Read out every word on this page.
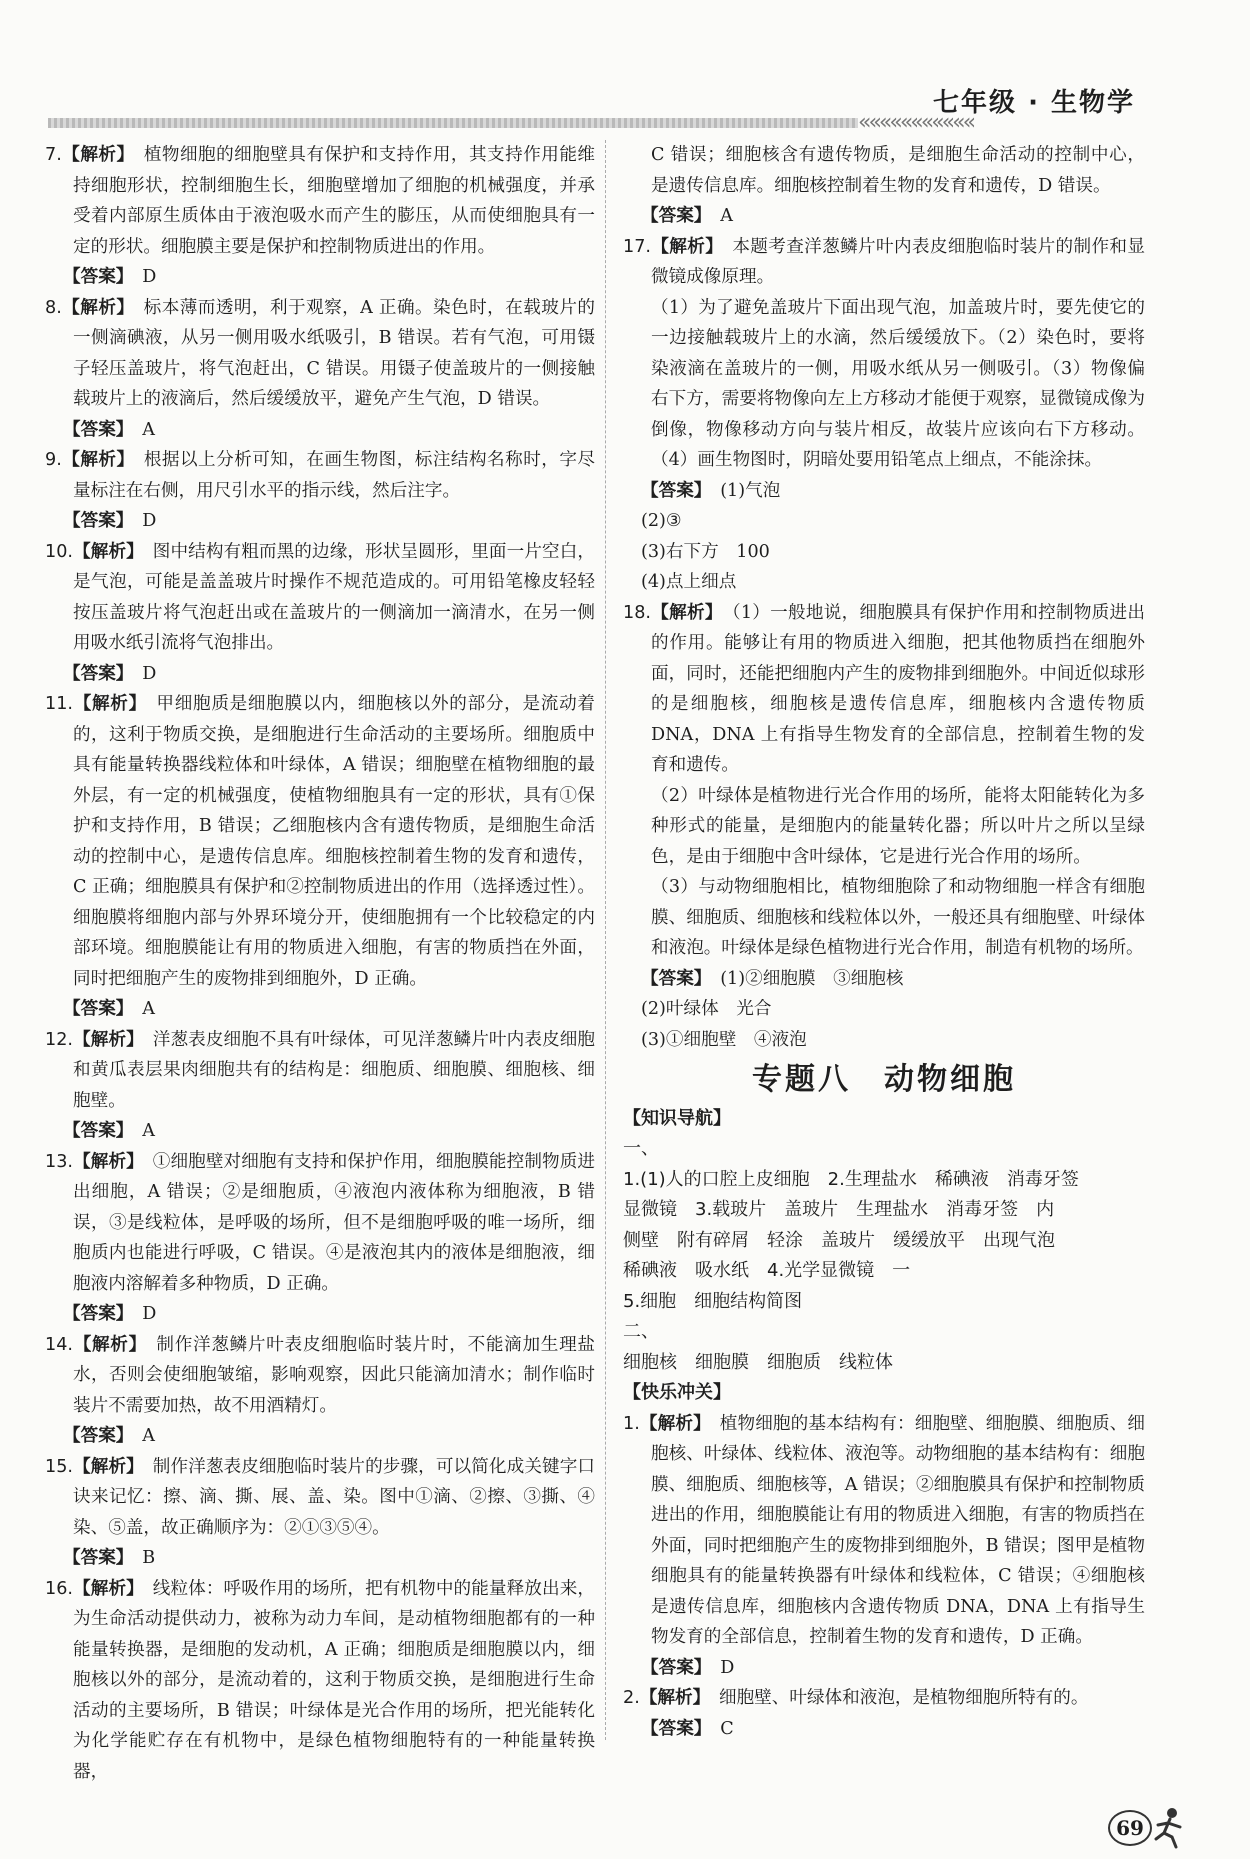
«««««««««««
七年级 · 生物学

7.【解析】　 植物细胞的细胞壁具有保护和支持作用，其支持作用能维持细胞形状，控制细胞生长，细胞壁增加了细胞的机械强度，并承受着内部原生质体由于液泡吸水而产生的膨压，从而使细胞具有一定的形状。细胞膜主要是保护和控制物质进出的作用。

【答案】　 D

8.【解析】　 标本薄而透明，利于观察，A 正确。染色时，在载玻片的一侧滴碘液，从另一侧用吸水纸吸引，B 错误。若有气泡，可用镊子轻压盖玻片，将气泡赶出，C 错误。用镊子使盖玻片的一侧接触载玻片上的液滴后，然后缓缓放平，避免产生气泡，D 错误。

【答案】　 A

9.【解析】　 根据以上分析可知，在画生物图，标注结构名称时，字尽量标注在右侧，用尺引水平的指示线，然后注字。

【答案】　 D

10.【解析】　 图中结构有粗而黑的边缘，形状呈圆形，里面一片空白，是气泡，可能是盖盖玻片时操作不规范造成的。可用铅笔橡皮轻轻按压盖玻片将气泡赶出或在盖玻片的一侧滴加一滴清水，在另一侧用吸水纸引流将气泡排出。

【答案】　 D

11.【解析】　 甲细胞质是细胞膜以内，细胞核以外的部分，是流动着的，这利于物质交换，是细胞进行生命活动的主要场所。细胞质中具有能量转换器线粒体和叶绿体，A 错误；细胞壁在植物细胞的最外层，有一定的机械强度，使植物细胞具有一定的形状，具有①保护和支持作用，B 错误；乙细胞核内含有遗传物质，是细胞生命活动的控制中心，是遗传信息库。细胞核控制着生物的发育和遗传，C 正确；细胞膜具有保护和②控制物质进出的作用（选择透过性）。细胞膜将细胞内部与外界环境分开，使细胞拥有一个比较稳定的内部环境。细胞膜能让有用的物质进入细胞，有害的物质挡在外面，同时把细胞产生的废物排到细胞外，D 正确。

【答案】　 A

12.【解析】　 洋葱表皮细胞不具有叶绿体，可见洋葱鳞片叶内表皮细胞和黄瓜表层果肉细胞共有的结构是：细胞质、细胞膜、细胞核、细胞壁。

【答案】　 A

13.【解析】　 ①细胞壁对细胞有支持和保护作用，细胞膜能控制物质进出细胞，A 错误；②是细胞质，④液泡内液体称为细胞液，B 错误，③是线粒体，是呼吸的场所，但不是细胞呼吸的唯一场所，细胞质内也能进行呼吸，C 错误。④是液泡其内的液体是细胞液，细胞液内溶解着多种物质，D 正确。

【答案】　 D

14.【解析】　 制作洋葱鳞片叶表皮细胞临时装片时，不能滴加生理盐水，否则会使细胞皱缩，影响观察，因此只能滴加清水；制作临时装片不需要加热，故不用酒精灯。

【答案】　 A

15.【解析】　 制作洋葱表皮细胞临时装片的步骤，可以简化成关键字口诀来记忆：擦、滴、撕、展、盖、染。图中①滴、②擦、③撕、④染、⑤盖，故正确顺序为：②①③⑤④。

【答案】　 B

16.【解析】　 线粒体：呼吸作用的场所，把有机物中的能量释放出来，为生命活动提供动力，被称为动力车间，是动植物细胞都有的一种能量转换器，是细胞的发动机，A 正确；细胞质是细胞膜以内，细胞核以外的部分，是流动着的，这利于物质交换，是细胞进行生命活动的主要场所，B 错误；叶绿体是光合作用的场所，把光能转化为化学能贮存在有机物中，是绿色植物细胞特有的一种能量转换器，

C 错误；细胞核含有遗传物质，是细胞生命活动的控制中心，是遗传信息库。细胞核控制着生物的发育和遗传，D 错误。

【答案】　 A

17.【解析】　 本题考查洋葱鳞片叶内表皮细胞临时装片的制作和显微镜成像原理。

（1）为了避免盖玻片下面出现气泡，加盖玻片时，要先使它的一边接触载玻片上的水滴，然后缓缓放下。（2）染色时，要将染液滴在盖玻片的一侧，用吸水纸从另一侧吸引。（3）物像偏右下方，需要将物像向左上方移动才能便于观察，显微镜成像为倒像，物像移动方向与装片相反，故装片应该向右下方移动。（4）画生物图时，阴暗处要用铅笔点上细点，不能涂抹。

【答案】　 (1)气泡

(2)③

(3)右下方　100

(4)点上细点

18.【解析】　 （1）一般地说，细胞膜具有保护作用和控制物质进出的作用。能够让有用的物质进入细胞，把其他物质挡在细胞外面，同时，还能把细胞内产生的废物排到细胞外。中间近似球形的是细胞核，细胞核是遗传信息库，细胞核内含遗传物质 DNA，DNA 上有指导生物发育的全部信息，控制着生物的发育和遗传。

（2）叶绿体是植物进行光合作用的场所，能将太阳能转化为多种形式的能量，是细胞内的能量转化器；所以叶片之所以呈绿色，是由于细胞中含叶绿体，它是进行光合作用的场所。

（3）与动物细胞相比，植物细胞除了和动物细胞一样含有细胞膜、细胞质、细胞核和线粒体以外，一般还具有细胞壁、叶绿体和液泡。叶绿体是绿色植物进行光合作用，制造有机物的场所。

【答案】　 (1)②细胞膜　③细胞核

(2)叶绿体　光合

(3)①细胞壁　④液泡

专题八　动物细胞

【知识导航】

一、

1.(1)人的口腔上皮细胞　2.生理盐水　稀碘液　消毒牙签

显微镜　3.载玻片　盖玻片　生理盐水　消毒牙签　内

侧壁　附有碎屑　轻涂　盖玻片　缓缓放平　出现气泡

稀碘液　吸水纸　4.光学显微镜　一

5.细胞　细胞结构简图

二、

细胞核　细胞膜　细胞质　线粒体

【快乐冲关】

1.【解析】　 植物细胞的基本结构有：细胞壁、细胞膜、细胞质、细胞核、叶绿体、线粒体、液泡等。动物细胞的基本结构有：细胞膜、细胞质、细胞核等，A 错误；②细胞膜具有保护和控制物质进出的作用，细胞膜能让有用的物质进入细胞，有害的物质挡在外面，同时把细胞产生的废物排到细胞外，B 错误；图甲是植物细胞具有的能量转换器有叶绿体和线粒体，C 错误；④细胞核是遗传信息库，细胞核内含遗传物质 DNA，DNA 上有指导生物发育的全部信息，控制着生物的发育和遗传，D 正确。

【答案】　 D

2.【解析】　 细胞壁、叶绿体和液泡，是植物细胞所特有的。

【答案】　 C

69
